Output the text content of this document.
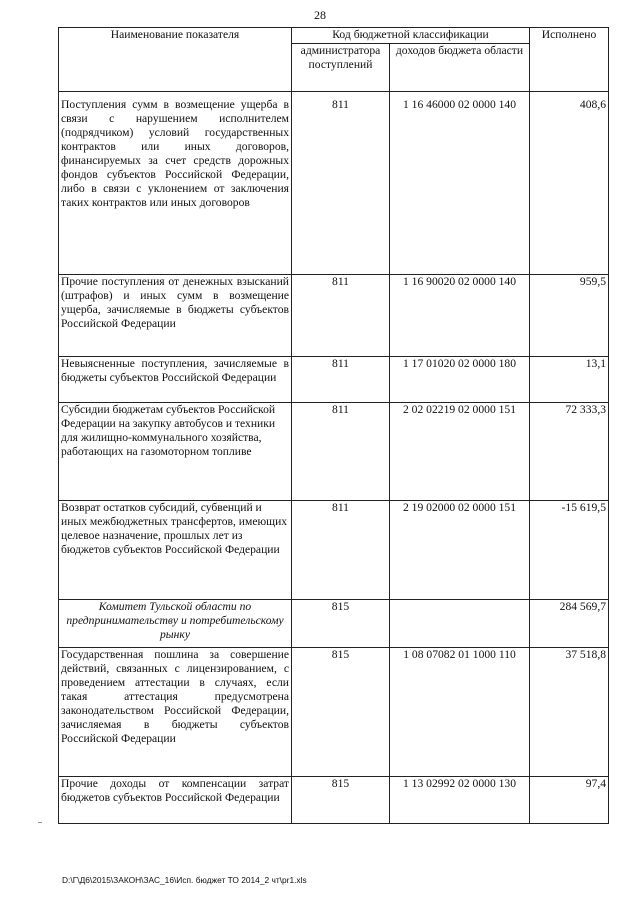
28
Наименование показателя	Код бюджетной классификации		Исполнено
	администратора поступлений	доходов бюджета области	
Поступления сумм в возмещение ущерба в связи с нарушением исполнителем (подрядчиком) условий государственных контрактов или иных договоров, финансируемых за счет средств дорожных фондов субъектов Российской Федерации, либо в связи с уклонением от заключения таких контрактов или иных договоров	811	1 16 46000 02 0000 140	408,6
Прочие поступления от денежных взысканий (штрафов) и иных сумм в возмещение ущерба, зачисляемые в бюджеты субъектов Российской Федерации	811	1 16 90020 02 0000 140	959,5
Невыясненные поступления, зачисляемые в бюджеты субъектов Российской Федерации	811	1 17 01020 02 0000 180	13,1
Субсидии бюджетам субъектов Российской Федерации на закупку автобусов и техники для жилищно-коммунального хозяйства, работающих на газомоторном топливе	811	2 02 02219 02 0000 151	72 333,3
Возврат остатков субсидий, субвенций и иных межбюджетных трансфертов, имеющих целевое назначение, прошлых лет из бюджетов субъектов Российской Федерации	811	2 19 02000 02 0000 151	-15 619,5
Комитет Тульской области по предпринимательству и потребительскому рынку	815		284 569,7
Государственная пошлина за совершение действий, связанных с лицензированием, с проведением аттестации в случаях, если такая аттестация предусмотрена законодательством Российской Федерации, зачисляемая в бюджеты субъектов Российской Федерации	815	1 08 07082 01 1000 110	37 518,8
Прочие доходы от компенсации затрат бюджетов субъектов Российской Федерации	815	1 13 02992 02 0000 130	97,4
D:\Г\Д6\2015\ЗАКОН\ЗАС_16\Исп. бюджет ТО 2014_2 чт\pr1.xls
